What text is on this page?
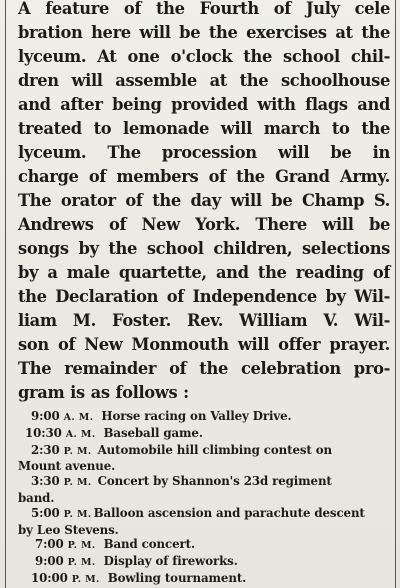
A feature of the Fourth of July cele
bration here will be the exercises at the
lyceum. At one o'clock the school chil-
dren will assemble at the schoolhouse
and after being provided with flags and
treated to lemonade will march to the
lyceum. The procession will be in
charge of members of the Grand Army.
The orator of the day will be Champ S.
Andrews of New York. There will be
songs by the school children, selections
by a male quartette, and the reading of
the Declaration of Independence by Wil-
liam M. Foster. Rev. William V. Wil-
son of New Monmouth will offer prayer.
The remainder of the celebration pro-
gram is as follows :

9:00 A. M. Horse racing on Valley Drive.
10:30 A. M. Baseball game.
2:30 P. M. Automobile hill climbing contest on
Mount avenue.
3:30 P. M. Concert by Shannon's 23d regiment
band.
5:00 P. M. Balloon ascension and parachute descent
by Leo Stevens.
7:00 P. M. Band concert.
9:00 P. M. Display of fireworks.
10:00 P. M. Bowling tournament.
